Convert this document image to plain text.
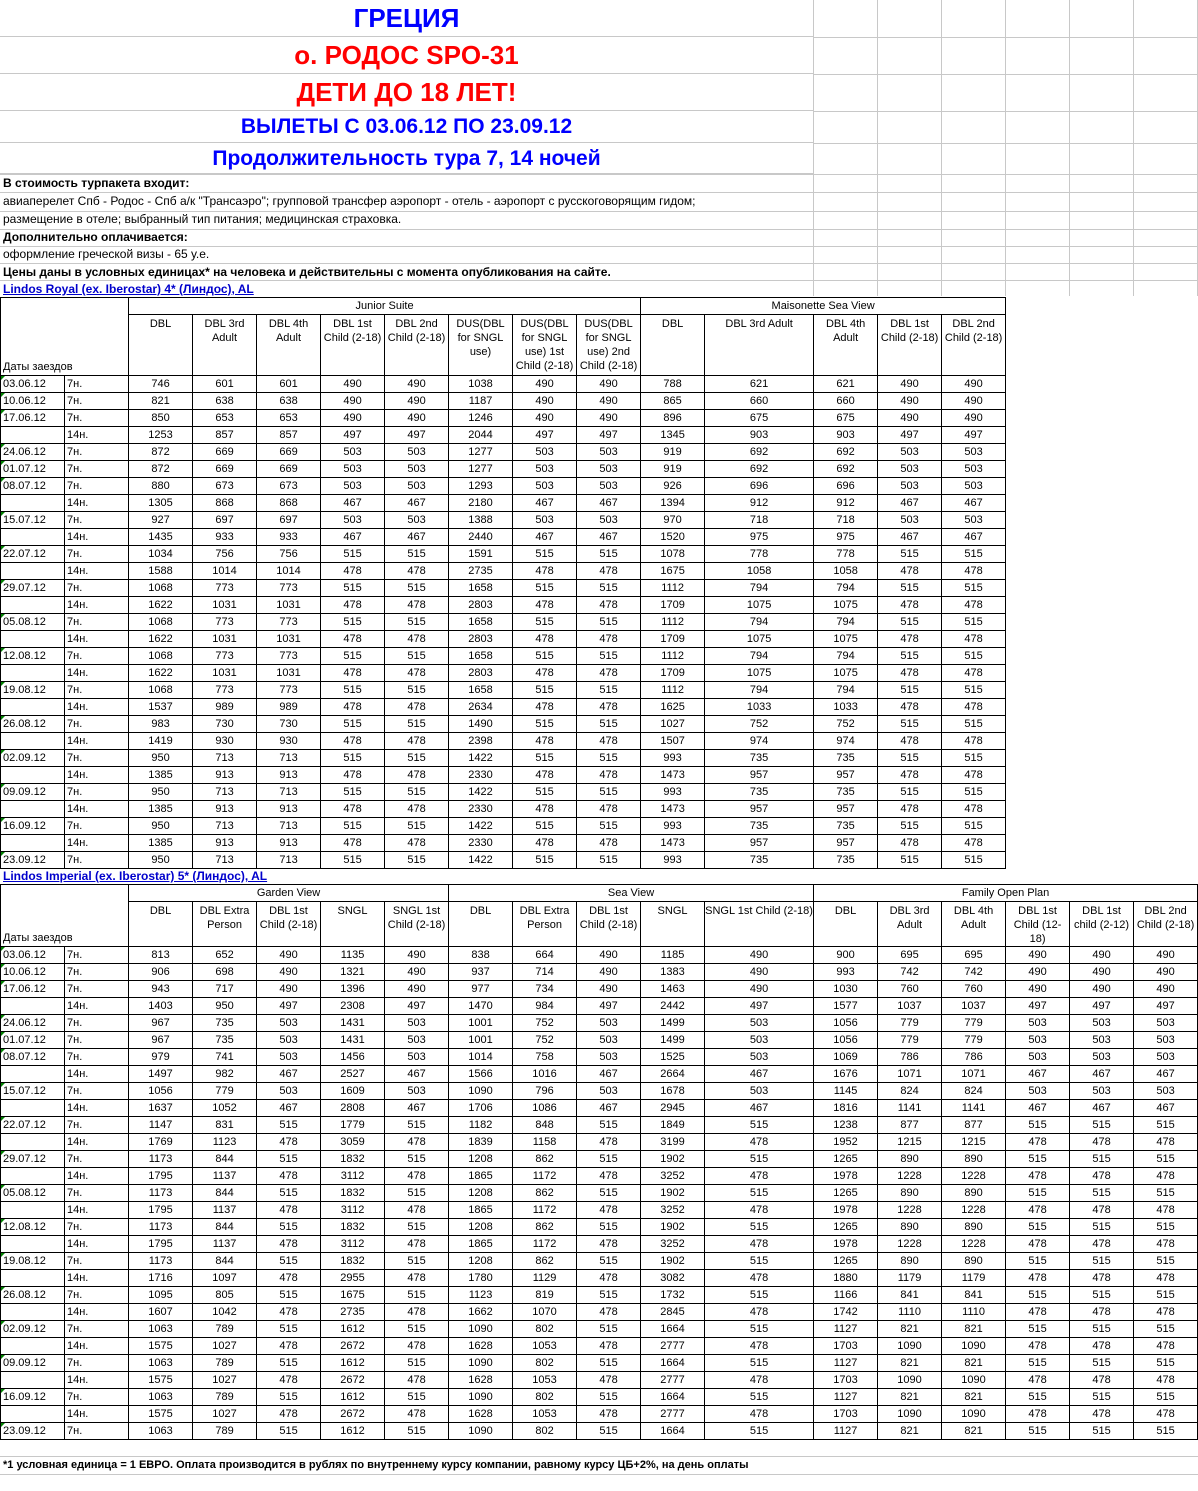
ГРЕЦИЯ
о. РОДОС SPO-31
ДЕТИ ДО 18 ЛЕТ!
ВЫЛЕТЫ С 03.06.12 ПО 23.09.12
Продолжительность тура 7, 14 ночей
В стоимость турпакета входит:
авиаперелет Спб - Родос - Спб а/к "Трансаэро"; групповой трансфер аэропорт - отель - аэропорт с русскоговорящим гидом;
размещение в отеле; выбранный тип питания; медицинская страховка.
Дополнительно оплачивается:
оформление греческой визы - 65 у.е.
Цены даны в условных единицах* на человека и действительны с момента опубликования на сайте.
Lindos Royal (ex. Iberostar) 4* (Линдос), AL
Даты заездов		Junior Suite								Maisonette Sea View				
		DBL	DBL 3rd Adult	DBL 4th Adult	DBL 1st Child (2-18)	DBL 2nd Child (2-18)	DUS(DBL for SNGL use)	DUS(DBL for SNGL use) 1st Child (2-18)	DUS(DBL for SNGL use) 2nd Child (2-18)	DBL	DBL 3rd Adult	DBL 4th Adult	DBL 1st Child (2-18)	DBL 2nd Child (2-18)
03.06.12	7н.	746	601	601	490	490	1038	490	490	788	621	621	490	490
10.06.12	7н.	821	638	638	490	490	1187	490	490	865	660	660	490	490
17.06.12	7н.	850	653	653	490	490	1246	490	490	896	675	675	490	490
	14н.	1253	857	857	497	497	2044	497	497	1345	903	903	497	497
24.06.12	7н.	872	669	669	503	503	1277	503	503	919	692	692	503	503
01.07.12	7н.	872	669	669	503	503	1277	503	503	919	692	692	503	503
08.07.12	7н.	880	673	673	503	503	1293	503	503	926	696	696	503	503
	14н.	1305	868	868	467	467	2180	467	467	1394	912	912	467	467
15.07.12	7н.	927	697	697	503	503	1388	503	503	970	718	718	503	503
	14н.	1435	933	933	467	467	2440	467	467	1520	975	975	467	467
22.07.12	7н.	1034	756	756	515	515	1591	515	515	1078	778	778	515	515
	14н.	1588	1014	1014	478	478	2735	478	478	1675	1058	1058	478	478
29.07.12	7н.	1068	773	773	515	515	1658	515	515	1112	794	794	515	515
	14н.	1622	1031	1031	478	478	2803	478	478	1709	1075	1075	478	478
05.08.12	7н.	1068	773	773	515	515	1658	515	515	1112	794	794	515	515
	14н.	1622	1031	1031	478	478	2803	478	478	1709	1075	1075	478	478
12.08.12	7н.	1068	773	773	515	515	1658	515	515	1112	794	794	515	515
	14н.	1622	1031	1031	478	478	2803	478	478	1709	1075	1075	478	478
19.08.12	7н.	1068	773	773	515	515	1658	515	515	1112	794	794	515	515
	14н.	1537	989	989	478	478	2634	478	478	1625	1033	1033	478	478
26.08.12	7н.	983	730	730	515	515	1490	515	515	1027	752	752	515	515
	14н.	1419	930	930	478	478	2398	478	478	1507	974	974	478	478
02.09.12	7н.	950	713	713	515	515	1422	515	515	993	735	735	515	515
	14н.	1385	913	913	478	478	2330	478	478	1473	957	957	478	478
09.09.12	7н.	950	713	713	515	515	1422	515	515	993	735	735	515	515
	14н.	1385	913	913	478	478	2330	478	478	1473	957	957	478	478
16.09.12	7н.	950	713	713	515	515	1422	515	515	993	735	735	515	515
	14н.	1385	913	913	478	478	2330	478	478	1473	957	957	478	478
23.09.12	7н.	950	713	713	515	515	1422	515	515	993	735	735	515	515
Lindos Imperial (ex. Iberostar) 5* (Линдос), AL
Даты заездов		Garden View					Sea View					Family Open Plan					
		DBL	DBL Extra Person	DBL 1st Child (2-18)	SNGL	SNGL 1st Child (2-18)	DBL	DBL Extra Person	DBL 1st Child (2-18)	SNGL	SNGL 1st Child (2-18)	DBL	DBL 3rd Adult	DBL 4th Adult	DBL 1st Child (12-18)	DBL 1st child (2-12)	DBL 2nd Child (2-18)
03.06.12	7н.	813	652	490	1135	490	838	664	490	1185	490	900	695	695	490	490	490
10.06.12	7н.	906	698	490	1321	490	937	714	490	1383	490	993	742	742	490	490	490
17.06.12	7н.	943	717	490	1396	490	977	734	490	1463	490	1030	760	760	490	490	490
	14н.	1403	950	497	2308	497	1470	984	497	2442	497	1577	1037	1037	497	497	497
24.06.12	7н.	967	735	503	1431	503	1001	752	503	1499	503	1056	779	779	503	503	503
01.07.12	7н.	967	735	503	1431	503	1001	752	503	1499	503	1056	779	779	503	503	503
08.07.12	7н.	979	741	503	1456	503	1014	758	503	1525	503	1069	786	786	503	503	503
	14н.	1497	982	467	2527	467	1566	1016	467	2664	467	1676	1071	1071	467	467	467
15.07.12	7н.	1056	779	503	1609	503	1090	796	503	1678	503	1145	824	824	503	503	503
	14н.	1637	1052	467	2808	467	1706	1086	467	2945	467	1816	1141	1141	467	467	467
22.07.12	7н.	1147	831	515	1779	515	1182	848	515	1849	515	1238	877	877	515	515	515
	14н.	1769	1123	478	3059	478	1839	1158	478	3199	478	1952	1215	1215	478	478	478
29.07.12	7н.	1173	844	515	1832	515	1208	862	515	1902	515	1265	890	890	515	515	515
	14н.	1795	1137	478	3112	478	1865	1172	478	3252	478	1978	1228	1228	478	478	478
05.08.12	7н.	1173	844	515	1832	515	1208	862	515	1902	515	1265	890	890	515	515	515
	14н.	1795	1137	478	3112	478	1865	1172	478	3252	478	1978	1228	1228	478	478	478
12.08.12	7н.	1173	844	515	1832	515	1208	862	515	1902	515	1265	890	890	515	515	515
	14н.	1795	1137	478	3112	478	1865	1172	478	3252	478	1978	1228	1228	478	478	478
19.08.12	7н.	1173	844	515	1832	515	1208	862	515	1902	515	1265	890	890	515	515	515
	14н.	1716	1097	478	2955	478	1780	1129	478	3082	478	1880	1179	1179	478	478	478
26.08.12	7н.	1095	805	515	1675	515	1123	819	515	1732	515	1166	841	841	515	515	515
	14н.	1607	1042	478	2735	478	1662	1070	478	2845	478	1742	1110	1110	478	478	478
02.09.12	7н.	1063	789	515	1612	515	1090	802	515	1664	515	1127	821	821	515	515	515
	14н.	1575	1027	478	2672	478	1628	1053	478	2777	478	1703	1090	1090	478	478	478
09.09.12	7н.	1063	789	515	1612	515	1090	802	515	1664	515	1127	821	821	515	515	515
	14н.	1575	1027	478	2672	478	1628	1053	478	2777	478	1703	1090	1090	478	478	478
16.09.12	7н.	1063	789	515	1612	515	1090	802	515	1664	515	1127	821	821	515	515	515
	14н.	1575	1027	478	2672	478	1628	1053	478	2777	478	1703	1090	1090	478	478	478
23.09.12	7н.	1063	789	515	1612	515	1090	802	515	1664	515	1127	821	821	515	515	515
*1 условная единица = 1 ЕВРО. Оплата производится в рублях по внутреннему курсу компании, равному курсу ЦБ+2%, на день оплаты
